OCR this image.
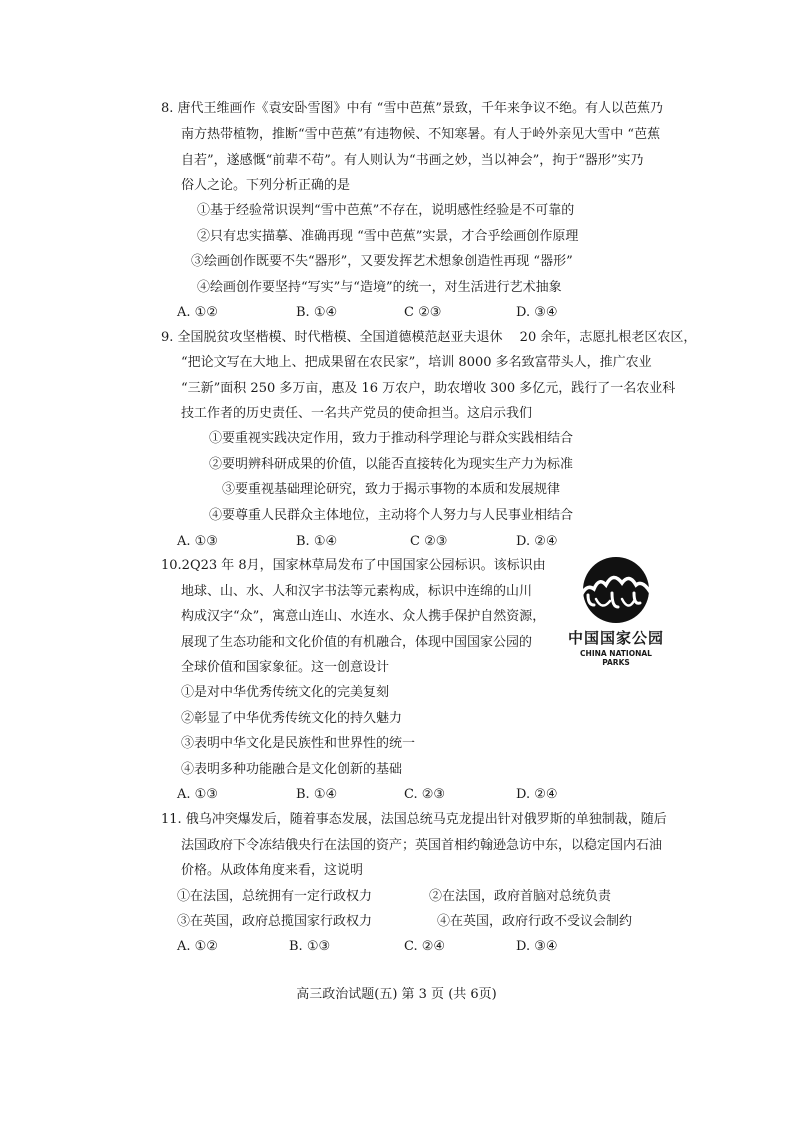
8. 唐代王维画作《袁安卧雪图》中有 “雪中芭蕉”景致，千年来争议不绝。有人以芭蕉乃
南方热带植物，推断“雪中芭蕉”有违物候、不知寒暑。有人于岭外亲见大雪中 “芭蕉
自若”，遂感慨“前辈不苟”。有人则认为“书画之妙，当以神会”，拘于“器形”实乃
俗人之论。下列分析正确的是
①基于经验常识误判“雪中芭蕉”不存在，说明感性经验是不可靠的
②只有忠实描摹、准确再现 “雪中芭蕉”实景，才合乎绘画创作原理
③绘画创作既要不失“器形”，又要发挥艺术想象创造性再现 “器形”
④绘画创作要坚持“写实”与“造境”的统一，对生活进行艺术抽象
A. ①②	B. ①④	C ②③	D. ③④
9. 全国脱贫攻坚楷模、时代楷模、全国道德模范赵亚夫退休 　20 余年，志愿扎根老区农区，
“把论文写在大地上、把成果留在农民家”，培训 8000 多名致富带头人，推广农业
“三新”面积 250 多万亩，惠及 16 万农户，助农增收 300 多亿元，践行了一名农业科
技工作者的历史责任、一名共产党员的使命担当。这启示我们
①要重视实践决定作用，致力于推动科学理论与群众实践相结合
②要明辨科研成果的价值，以能否直接转化为现实生产力为标准
③要重视基础理论研究，致力于揭示事物的本质和发展规律
④要尊重人民群众主体地位，主动将个人努力与人民事业相结合
A. ①③	B. ①④	C ②③	D. ②④
10.2Q23 年 8月，国家林草局发布了中国国家公园标识。该标识由
地球、山、水、人和汉字书法等元素构成，标识中连绵的山川
构成汉字“众”，寓意山连山、水连水、众人携手保护自然资源，
展现了生态功能和文化价值的有机融合，体现中国国家公园的
全球价值和国家象征。这一创意设计
①是对中华优秀传统文化的完美复刻
②彰显了中华优秀传统文化的持久魅力
③表明中华文化是民族性和世界性的统一
④表明多种功能融合是文化创新的基础
A. ①③	B. ①④	C. ②③	D. ②④
中国国家公园
CHINA NATIONAL PARKS
11. 俄乌冲突爆发后，随着事态发展，法国总统马克龙提出针对俄罗斯的单独制裁，随后
法国政府下令冻结俄央行在法国的资产；英国首相约翰逊急访中东，以稳定国内石油
价格。从政体角度来看，这说明
①在法国，总统拥有一定行政权力	②在法国，政府首脑对总统负责
③在英国，政府总揽国家行政权力	④在英国，政府行政不受议会制约
A. ①②	B. ①③	C. ②④	D. ③④
高三政治试题(五) 第 3 页 (共 6页)
